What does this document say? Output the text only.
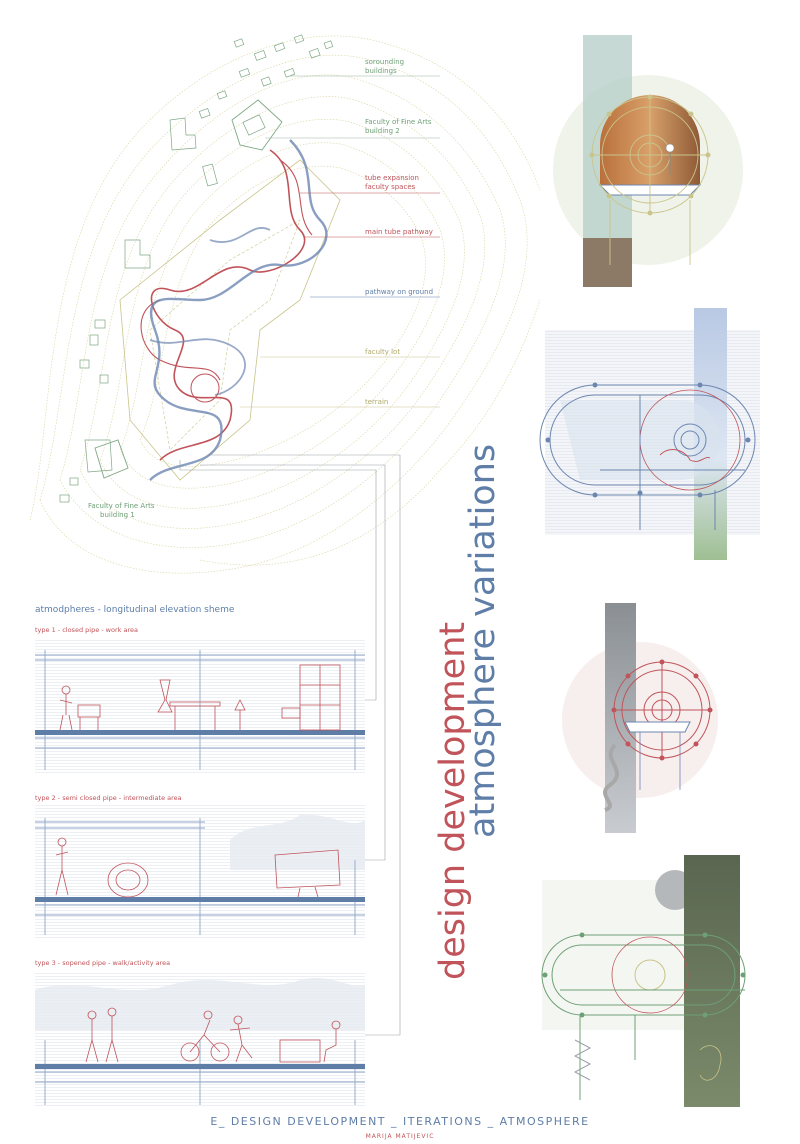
sorounding buildings
Faculty of Fine Arts building 2
tube expansion faculty spaces
main tube pathway
pathway on ground
faculty lot
terrain
Faculty of Fine Arts building 1
atmodpheres - longitudinal elevation sheme
type 1 - closed pipe - work area
type 2 - semi closed pipe - intermediate area
type 3 - sopened pipe - walk/activity area	design development
atmosphere variations
E_ DESIGN DEVELOPMENT _ ITERATIONS _ ATMOSPHERE
MARIJA MATIJEVIC
